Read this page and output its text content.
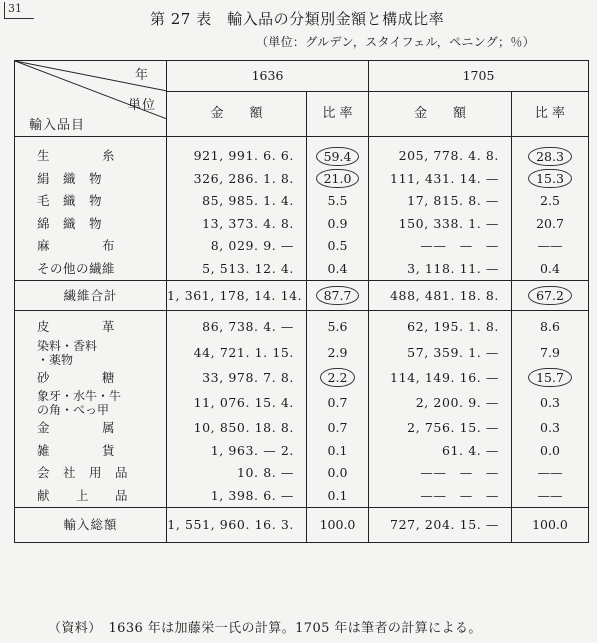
31
第 27 表　輸入品の分類別金額と構成比率
（単位：グルデン，スタイフェル，ペニング；％）
年
単位
輸入品目	1636		1705	
	金　　額	比 率	金　　額	比 率
生　　　　糸	921, 991. 6. 6.	59.4	205, 778. 4. 8.	28.3
絹　織　物	326, 286. 1. 8.	21.0	111, 431. 14. —	15.3
毛　織　物	85, 985. 1. 4.	5.5	17, 815. 8. —	2.5
綿　織　物	13, 373. 4. 8.	0.9	150, 338. 1. —	20.7
麻　　　　布	8, 029. 9. —	0.5	——　—　—	——
その他の繊維	5, 513. 12. 4.	0.4	3, 118. 11. —	0.4
繊維合計	1, 361, 178, 14. 14.	87.7	488, 481. 18. 8.	67.2
皮　　　　革	86, 738. 4. —	5.6	62, 195. 1. 8.	8.6

染料・香料
・薬物	44, 721. 1. 15.	2.9	57, 359. 1. —	7.9
砂　　　　糖	33, 978. 7. 8.	2.2	114, 149. 16. —	15.7

象牙・水牛・牛
の角・べっ甲	11, 076. 15. 4.	0.7	2, 200. 9. —	0.3
金　　　　属	10, 850. 18. 8.	0.7	2, 756. 15. —	0.3
雑　　　　貨	1, 963. — 2.	0.1	61. 4. —	0.0
会　社　用　品	10. 8. —	0.0	——　—　—	——
献　　上　　品	1, 398. 6. —	0.1	——　—　—	——
輸入総額	1, 551, 960. 16. 3.	100.0	727, 204. 15. —	100.0
（資料）　1636 年は加藤栄一氏の計算。1705 年は筆者の計算による。
